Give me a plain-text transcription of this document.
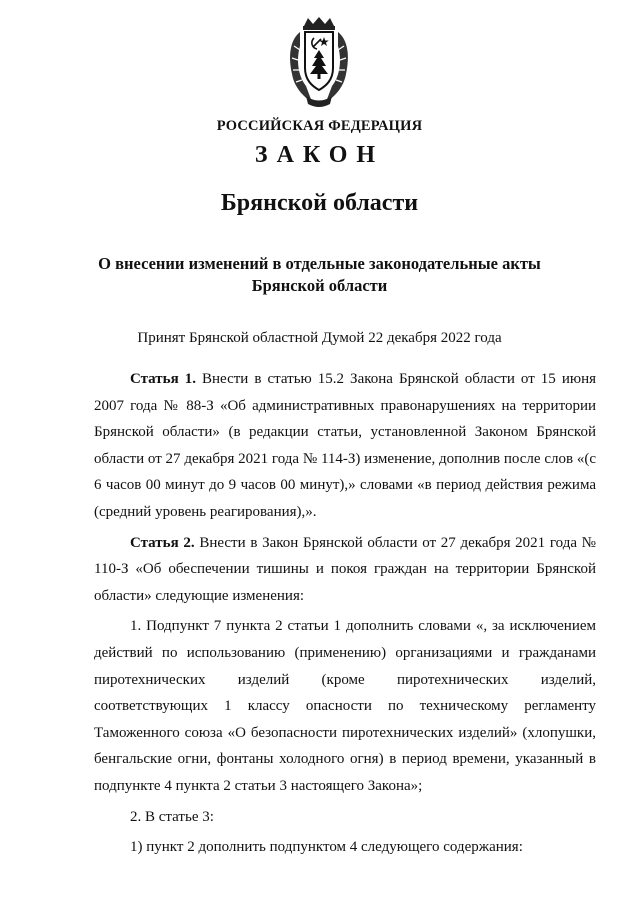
РОССИЙСКАЯ ФЕДЕРАЦИЯ
ЗАКОН
Брянской области
О внесении изменений в отдельные законодательные акты
Брянской области
Принят Брянской областной Думой 22 декабря 2022 года

Статья 1. Внести в статью 15.2 Закона Брянской области от 15 июня 2007 года № 88-З «Об административных правонарушениях на территории Брянской области» (в редакции статьи, установленной Законом Брянской области от 27 декабря 2021 года № 114-З) изменение, дополнив после слов «(с 6 часов 00 минут до 9 часов 00 минут),» словами «в период действия режима (средний уровень реагирования),».

Статья 2. Внести в Закон Брянской области от 27 декабря 2021 года № 110-З «Об обеспечении тишины и покоя граждан на территории Брянской области» следующие изменения:

1. Подпункт 7 пункта 2 статьи 1 дополнить словами «, за исключением действий по использованию (применению) организациями и гражданами пиротехнических изделий (кроме пиротехнических изделий, соответствующих 1 классу опасности по техническому регламенту Таможенного союза «О безопасности пиротехнических изделий» (хлопушки, бенгальские огни, фонтаны холодного огня) в период времени, указанный в подпункте 4 пункта 2 статьи 3 настоящего Закона»;

2. В статье 3:

1) пункт 2 дополнить подпунктом 4 следующего содержания:
